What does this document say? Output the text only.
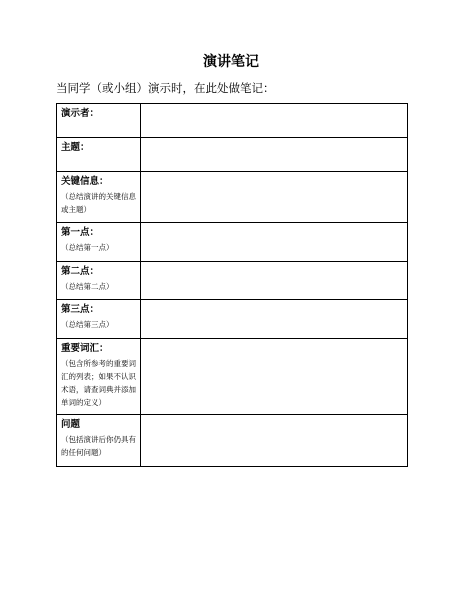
演讲笔记
当同学（或小组）演示时，在此处做笔记：
演示者：	

主题：	

关键信息：
（总结演讲的关键信息或主题）	

第一点：
（总结第一点）	

第二点：
（总结第二点）	

第三点：
（总结第三点）	

重要词汇：
（包含所参考的重要词汇的列表；如果不认识术语，请查词典并添加单词的定义）	

问题
（包括演讲后你仍具有的任何问题）	
